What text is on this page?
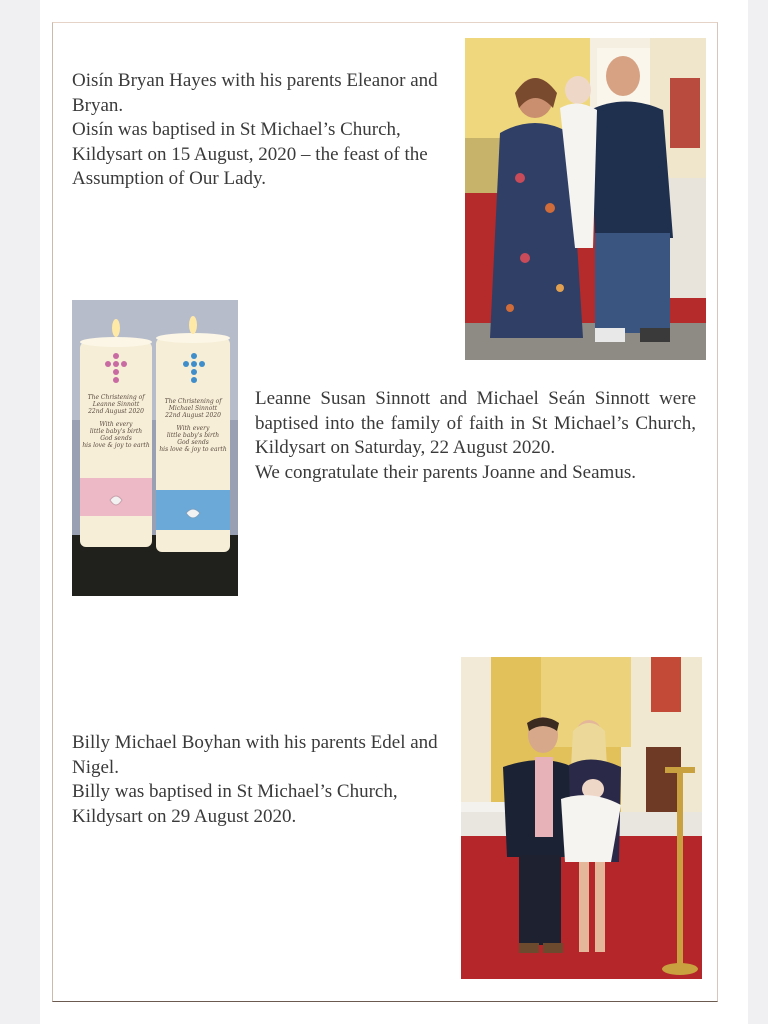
Oisín Bryan Hayes with his parents Eleanor and Bryan.

Oisín was baptised in St Michael’s Church, Kildysart on 15 August, 2020 – the feast of the Assumption of Our Lady.

The Christening of
Leanne Sinnott
22nd August 2020
With every
little baby's birth
God sends
his love & joy to earth
The Christening of
Michael Sinnott
22nd August 2020
With every
little baby's birth
God sends
his love & joy to earth

Leanne Susan Sinnott and Michael Seán Sinnott were baptised into the family of faith in St Michael’s Church, Kildysart on Saturday, 22 August 2020.

We congratulate their parents Joanne and Seamus.

Billy Michael Boyhan with his parents Edel and Nigel.

Billy was baptised in St Michael’s Church, Kildysart on 29 August 2020.
